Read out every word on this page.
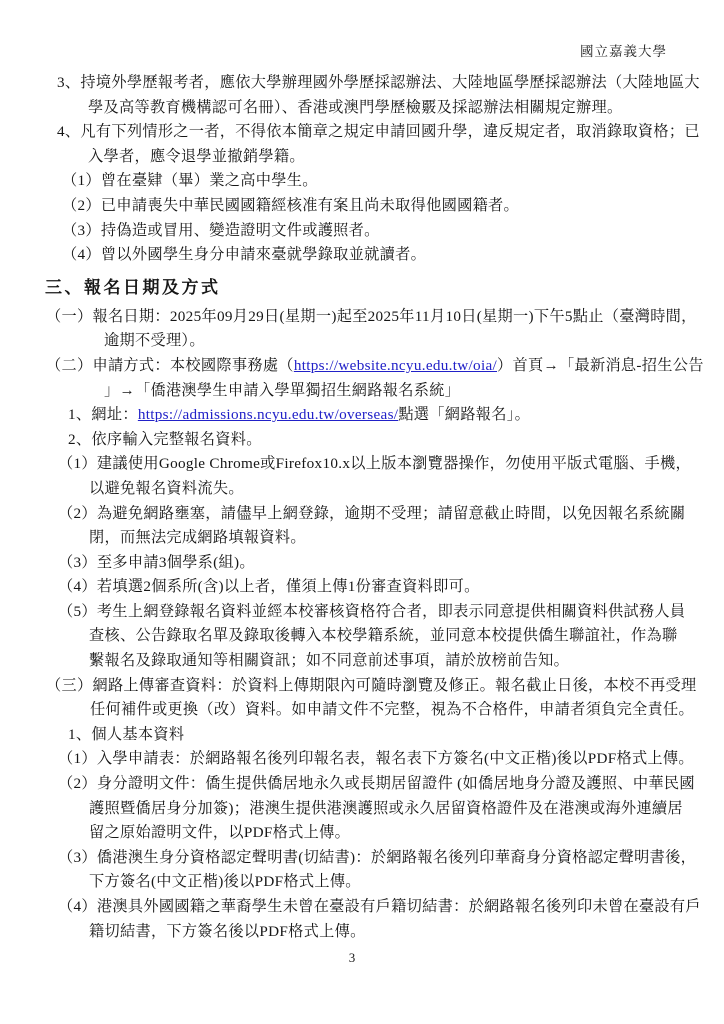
國立嘉義大學
3、持境外學歷報考者，應依大學辦理國外學歷採認辦法、大陸地區學歷採認辦法（大陸地區大
學及高等教育機構認可名冊）、香港或澳門學歷檢覈及採認辦法相關規定辦理。
4、凡有下列情形之一者，不得依本簡章之規定申請回國升學，違反規定者，取消錄取資格；已
入學者，應令退學並撤銷學籍。
（1）曾在臺肄（畢）業之高中學生。
（2）已申請喪失中華民國國籍經核准有案且尚未取得他國國籍者。
（3）持偽造或冒用、變造證明文件或護照者。
（4）曾以外國學生身分申請來臺就學錄取並就讀者。
三、報名日期及方式
（一）報名日期：2025年09月29日(星期一)起至2025年11月10日(星期一)下午5點止（臺灣時間，
逾期不受理）。
（二）申請方式：本校國際事務處（https://website.ncyu.edu.tw/oia/）首頁→「最新消息-招生公告
」→「僑港澳學生申請入學單獨招生網路報名系統」
1、網址：https://admissions.ncyu.edu.tw/overseas/點選「網路報名」。
2、依序輸入完整報名資料。
（1）建議使用Google Chrome或Firefox10.x以上版本瀏覽器操作，勿使用平版式電腦、手機，
以避免報名資料流失。
（2）為避免網路壅塞，請儘早上網登錄，逾期不受理；請留意截止時間，以免因報名系統關
閉，而無法完成網路填報資料。
（3）至多申請3個學系(組)。
（4）若填選2個系所(含)以上者，僅須上傳1份審查資料即可。
（5）考生上網登錄報名資料並經本校審核資格符合者，即表示同意提供相關資料供試務人員
查核、公告錄取名單及錄取後轉入本校學籍系統，並同意本校提供僑生聯誼社，作為聯
繫報名及錄取通知等相關資訊；如不同意前述事項，請於放榜前告知。
（三）網路上傳審查資料：於資料上傳期限內可隨時瀏覽及修正。報名截止日後，本校不再受理
任何補件或更換（改）資料。如申請文件不完整，視為不合格件，申請者須負完全責任。
1、個人基本資料
（1）入學申請表：於網路報名後列印報名表，報名表下方簽名(中文正楷)後以PDF格式上傳。
（2）身分證明文件：僑生提供僑居地永久或長期居留證件 (如僑居地身分證及護照、中華民國
護照暨僑居身分加簽)；港澳生提供港澳護照或永久居留資格證件及在港澳或海外連續居
留之原始證明文件，以PDF格式上傳。
（3）僑港澳生身分資格認定聲明書(切結書)：於網路報名後列印華裔身分資格認定聲明書後，
下方簽名(中文正楷)後以PDF格式上傳。
（4）港澳具外國國籍之華裔學生未曾在臺設有戶籍切結書：於網路報名後列印未曾在臺設有戶
籍切結書，下方簽名後以PDF格式上傳。
3
